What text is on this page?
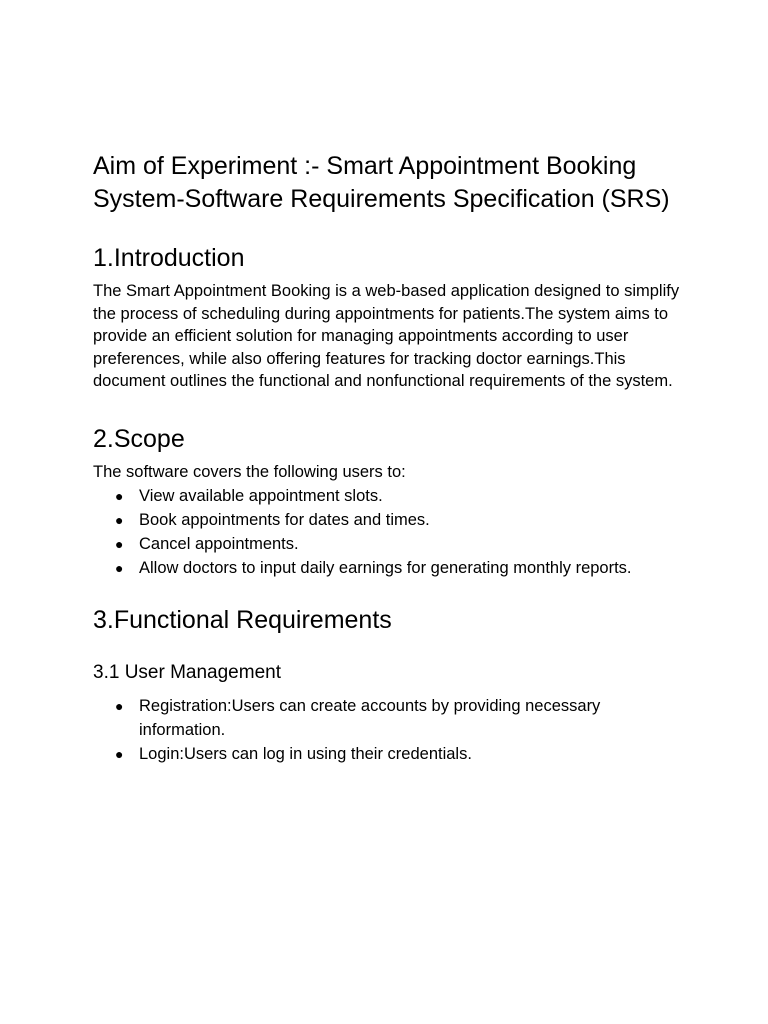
Aim of Experiment :- Smart Appointment Booking System-Software Requirements Specification (SRS)
1.Introduction

The Smart Appointment Booking is a web-based application designed to simplify the process of scheduling during appointments for patients.The system aims to provide an efficient solution for managing appointments according to user preferences, while also offering features for tracking doctor earnings.This document outlines the functional and nonfunctional requirements of the system.

2.Scope

The software covers the following users to:

● View available appointment slots.
● Book appointments for dates and times.
● Cancel appointments.
● Allow doctors to input daily earnings for generating monthly reports.
3.Functional Requirements
3.1 User Management
● Registration:Users can create accounts by providing necessary information.
● Login:Users can log in using their credentials.
